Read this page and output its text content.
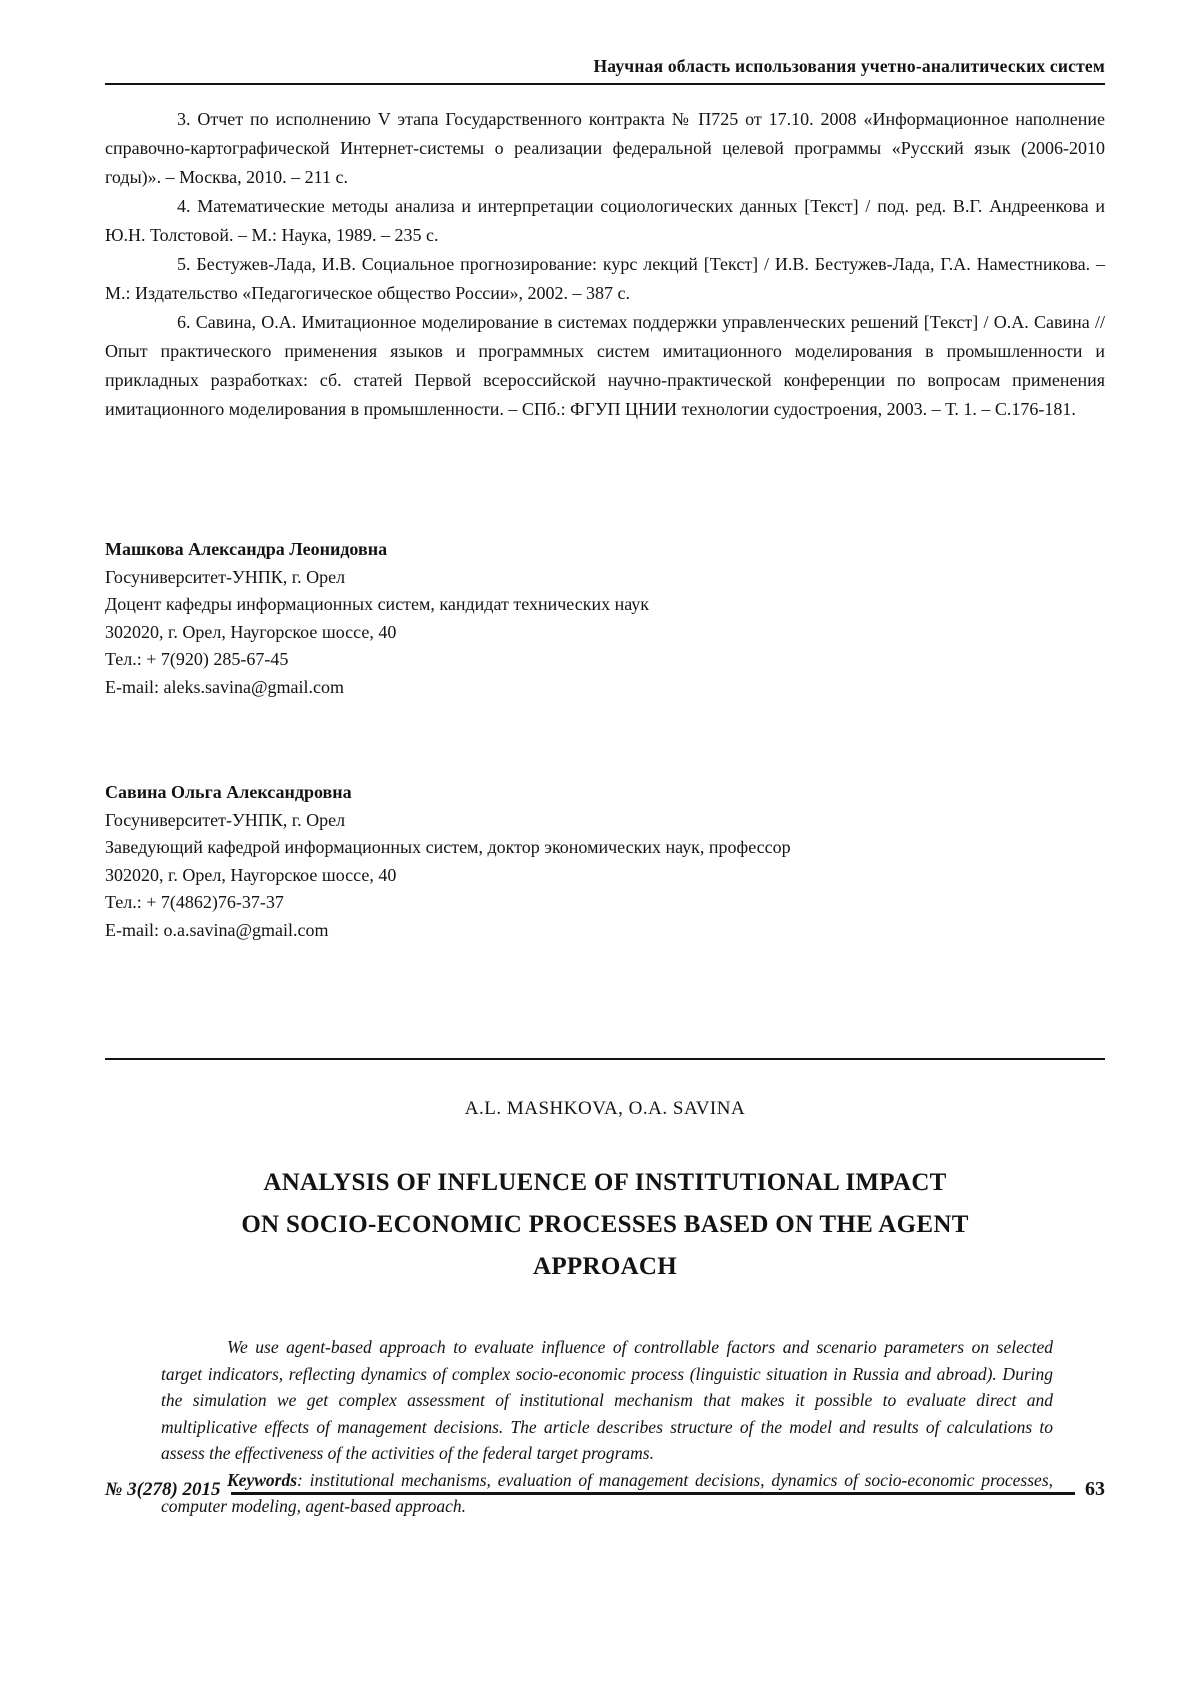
Научная область использования учетно-аналитических систем

3. Отчет по исполнению V этапа Государственного контракта № П725 от 17.10. 2008 «Информационное наполнение справочно-картографической Интернет-системы о реализации федеральной целевой программы «Русский язык (2006-2010 годы)». – Москва, 2010. – 211 с.

4. Математические методы анализа и интерпретации социологических данных [Текст] / под. ред. В.Г. Андреенкова и Ю.Н. Толстовой. – М.: Наука, 1989. – 235 с.

5. Бестужев-Лада, И.В. Социальное прогнозирование: курс лекций [Текст] / И.В. Бестужев-Лада, Г.А. Наместникова. – М.: Издательство «Педагогическое общество России», 2002. – 387 с.

6. Савина, О.А. Имитационное моделирование в системах поддержки управленческих решений [Текст] / О.А. Савина // Опыт практического применения языков и программных систем имитационного моделирования в промышленности и прикладных разработках: сб. статей Первой всероссийской научно-практической конференции по вопросам применения имитационного моделирования в промышленности. – СПб.: ФГУП ЦНИИ технологии судостроения, 2003. – Т. 1. – С.176-181.

Машкова Александра Леонидовна

Госуниверситет-УНПК, г. Орел

Доцент кафедры информационных систем, кандидат технических наук

302020, г. Орел, Наугорское шоссе, 40

Тел.: + 7(920) 285-67-45

E-mail: aleks.savina@gmail.com

Савина Ольга Александровна

Госуниверситет-УНПК, г. Орел

Заведующий кафедрой информационных систем, доктор экономических наук, профессор

302020, г. Орел, Наугорское шоссе, 40

Тел.: + 7(4862)76-37-37

E-mail: o.a.savina@gmail.com

A.L. MASHKOVA, O.A. SAVINA
ANALYSIS OF INFLUENCE OF INSTITUTIONAL IMPACT
ON SOCIO-ECONOMIC PROCESSES BASED ON THE AGENT
APPROACH

We use agent-based approach to evaluate influence of controllable factors and scenario parameters on selected target indicators, reflecting dynamics of complex socio-economic process (linguistic situation in Russia and abroad). During the simulation we get complex assessment of institutional mechanism that makes it possible to evaluate direct and multiplicative effects of management decisions. The article describes structure of the model and results of calculations to assess the effectiveness of the activities of the federal target programs.

Keywords: institutional mechanisms, evaluation of management decisions, dynamics of socio-economic processes, computer modeling, agent-based approach.

№ 3(278) 2015	63
